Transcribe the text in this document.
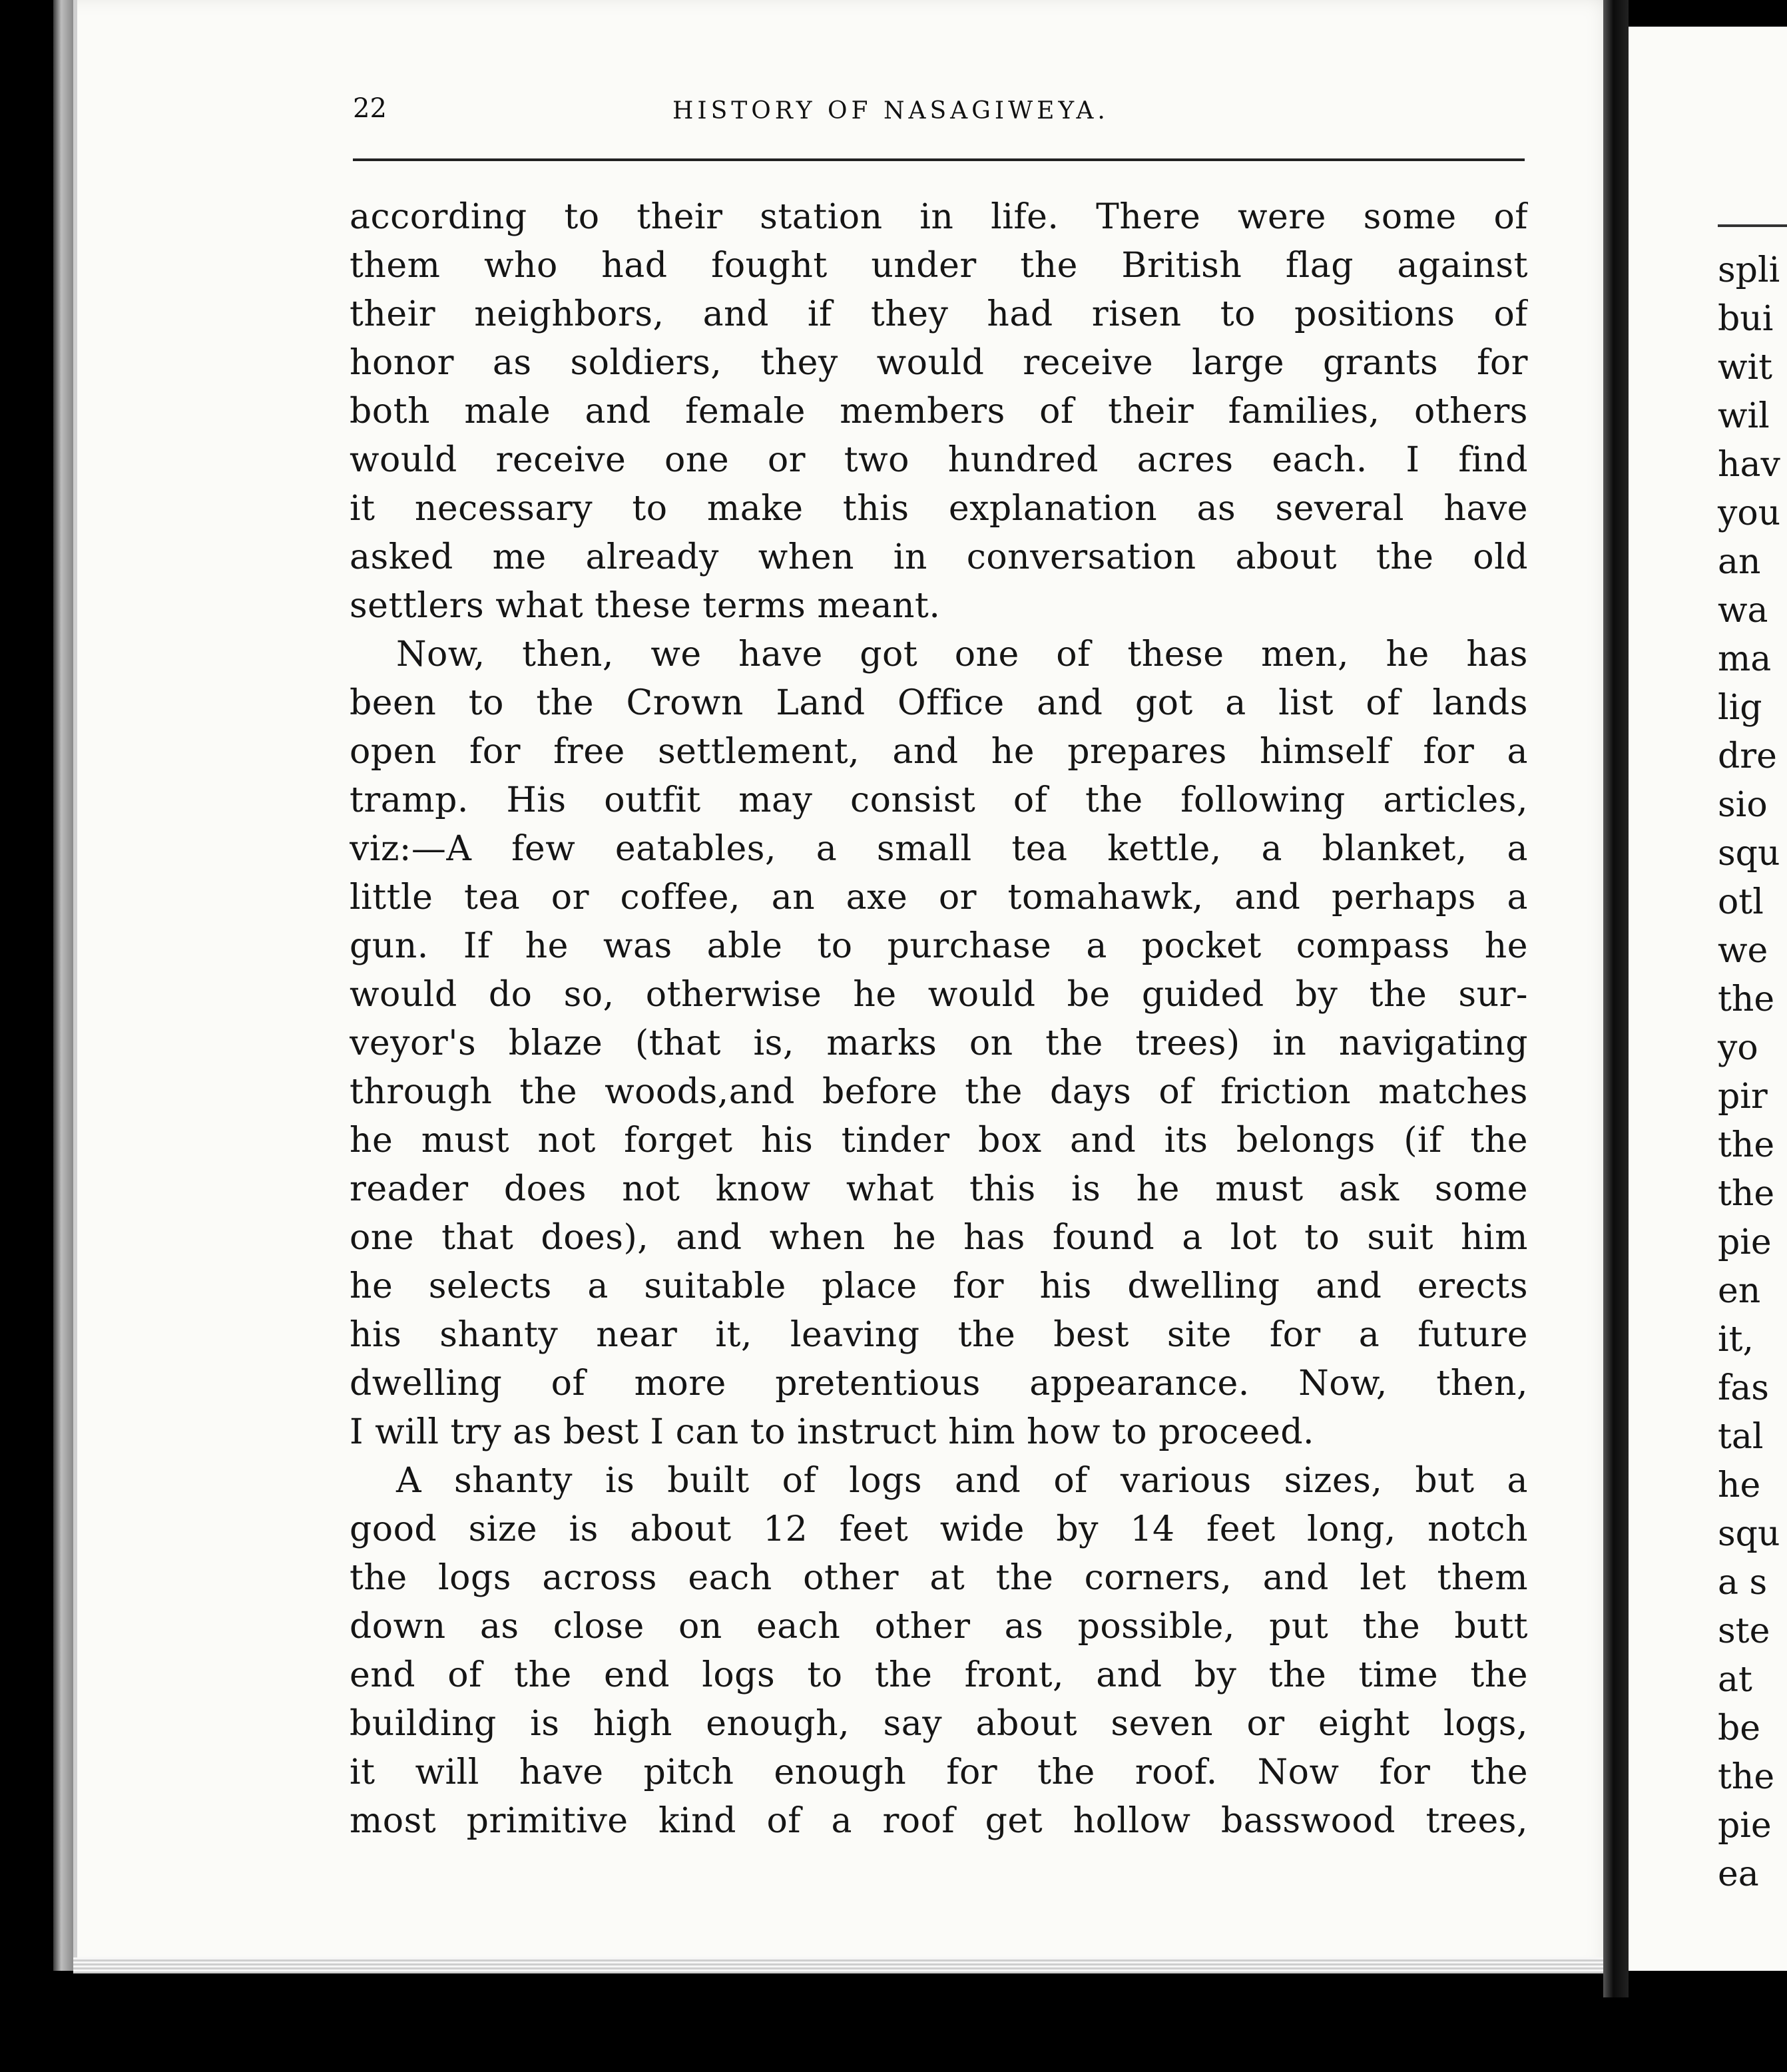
22	HISTORY OF NASAGIWEYA.
according to their station in life. There were some of
them who had fought under the British flag against
their neighbors, and if they had risen to positions of
honor as soldiers, they would receive large grants for
both male and female members of their families, others
would receive one or two hundred acres each. I find
it necessary to make this explanation as several have
asked me already when in conversation about the old
settlers what these terms meant.
Now, then, we have got one of these men, he has
been to the Crown Land Office and got a list of lands
open for free settlement, and he prepares himself for a
tramp. His outfit may consist of the following articles,
viz:—A few eatables, a small tea kettle, a blanket, a
little tea or coffee, an axe or tomahawk, and perhaps a
gun. If he was able to purchase a pocket compass he
would do so, otherwise he would be guided by the sur-
veyor's blaze (that is, marks on the trees) in navigating
through the woods,and before the days of friction matches
he must not forget his tinder box and its belongs (if the
reader does not know what this is he must ask some
one that does), and when he has found a lot to suit him
he selects a suitable place for his dwelling and erects
his shanty near it, leaving the best site for a future
dwelling of more pretentious appearance. Now, then,
I will try as best I can to instruct him how to proceed.
A shanty is built of logs and of various sizes, but a
good size is about 12 feet wide by 14 feet long, notch
the logs across each other at the corners, and let them
down as close on each other as possible, put the butt
end of the end logs to the front, and by the time the
building is high enough, say about seven or eight logs,
it will have pitch enough for the roof. Now for the
most primitive kind of a roof get hollow basswood trees,
spli
bui
wit
wil
hav
you
an
wa
ma
lig
dre
sio
squ
otl
we
the
yo
pir
the
the
pie
en
it,
fas
tal
he
squ
a s
ste
at
be
the
pie
ea
